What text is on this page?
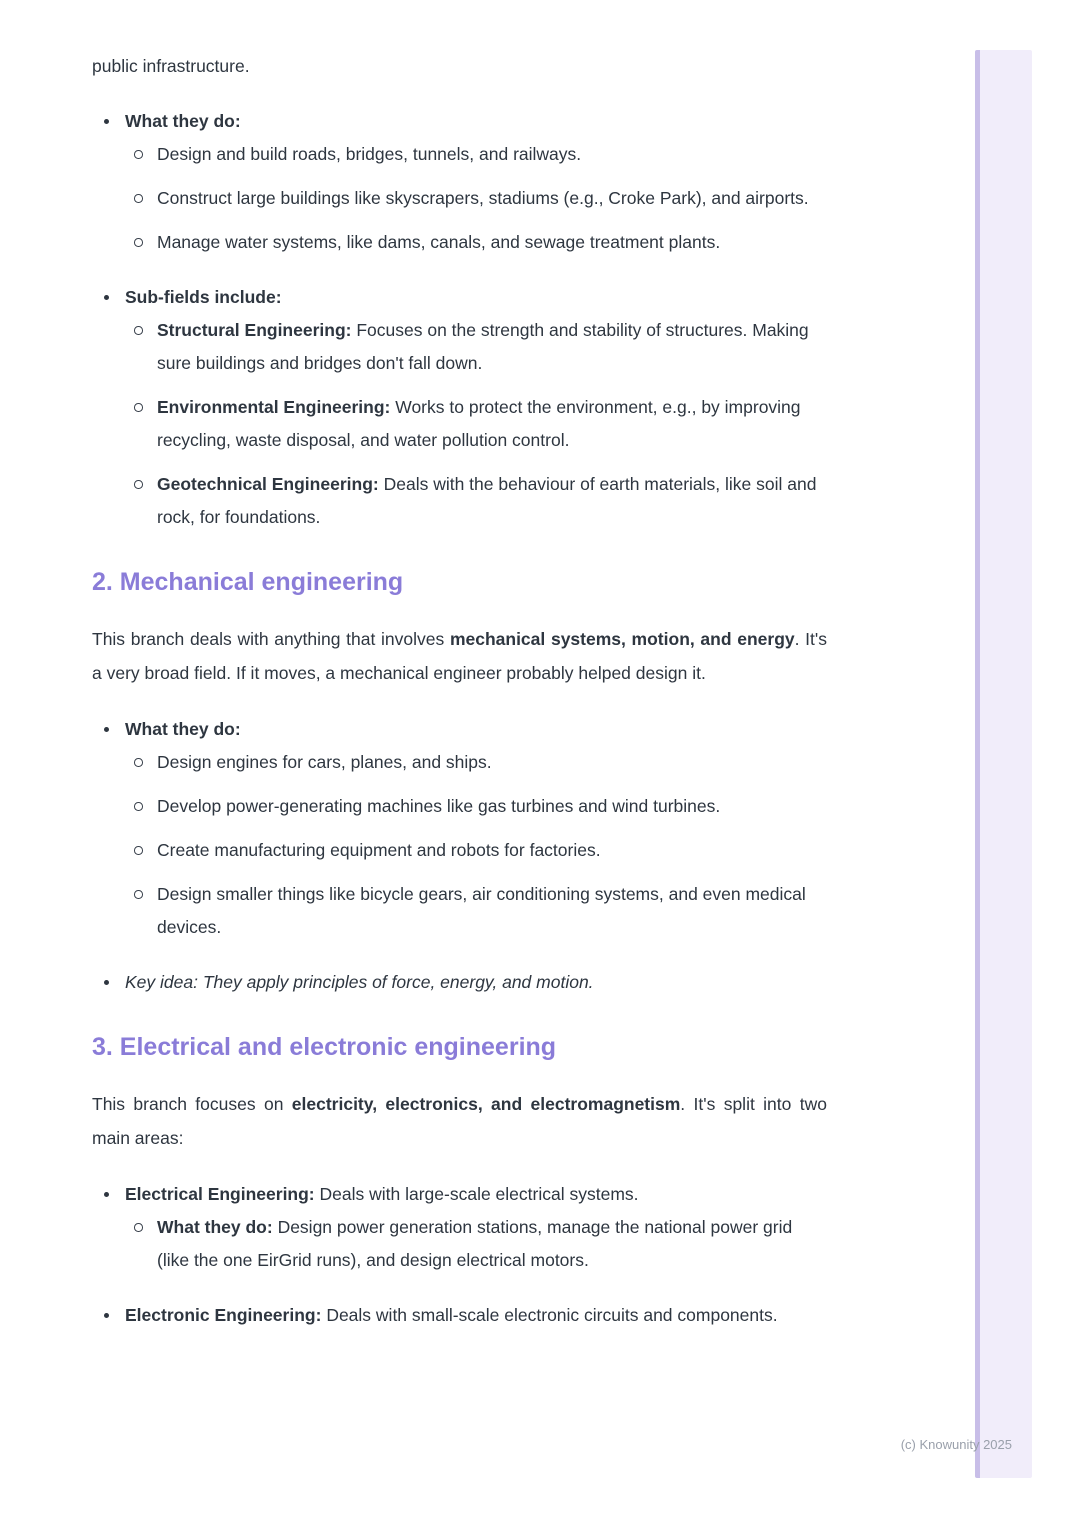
public infrastructure.

What they do:
Design and build roads, bridges, tunnels, and railways.
Construct large buildings like skyscrapers, stadiums (e.g., Croke Park), and airports.
Manage water systems, like dams, canals, and sewage treatment plants.
Sub-fields include:
Structural Engineering: Focuses on the strength and stability of structures. Making sure buildings and bridges don't fall down.
Environmental Engineering: Works to protect the environment, e.g., by improving recycling, waste disposal, and water pollution control.
Geotechnical Engineering: Deals with the behaviour of earth materials, like soil and rock, for foundations.
2. Mechanical engineering

This branch deals with anything that involves mechanical systems, motion, and energy. It's a very broad field. If it moves, a mechanical engineer probably helped design it.

What they do:
Design engines for cars, planes, and ships.
Develop power-generating machines like gas turbines and wind turbines.
Create manufacturing equipment and robots for factories.
Design smaller things like bicycle gears, air conditioning systems, and even medical devices.
Key idea: They apply principles of force, energy, and motion.
3. Electrical and electronic engineering

This branch focuses on electricity, electronics, and electromagnetism. It's split into two main areas:

Electrical Engineering: Deals with large-scale electrical systems.
What they do: Design power generation stations, manage the national power grid (like the one EirGrid runs), and design electrical motors.
Electronic Engineering: Deals with small-scale electronic circuits and components.
(c) Knowunity 2025
